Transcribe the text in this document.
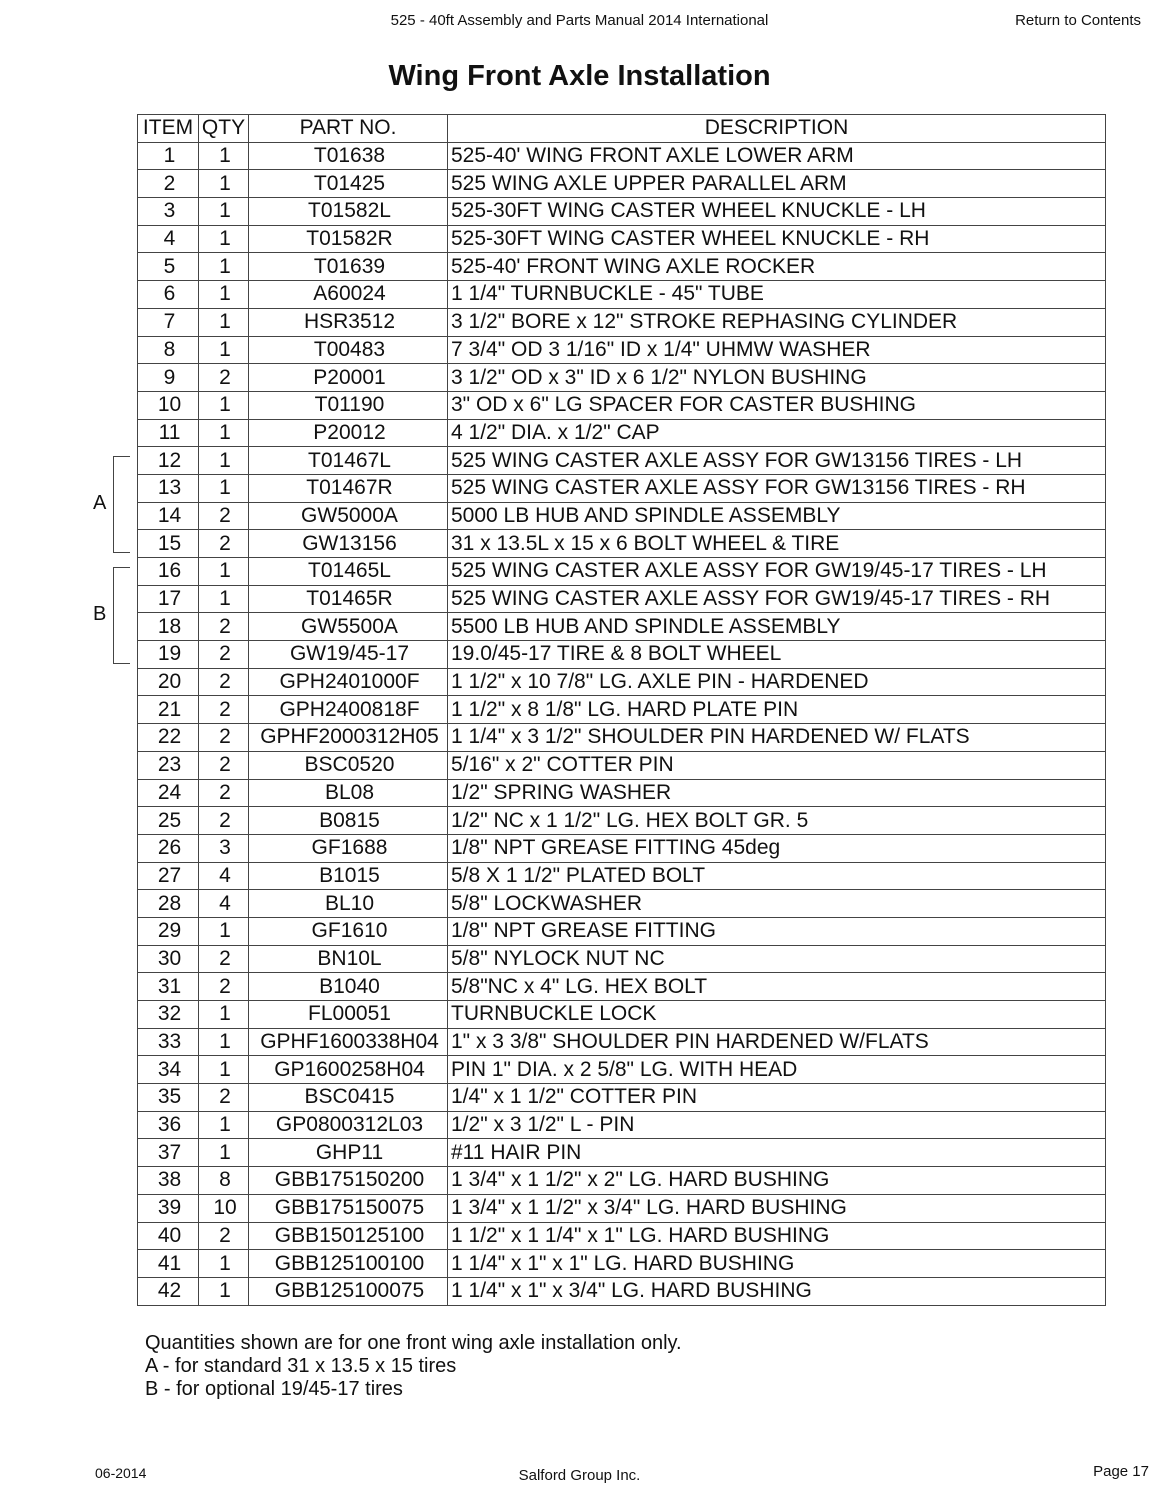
525 - 40ft Assembly and Parts Manual 2014 International	Return to Contents
Wing Front Axle Installation
ITEM	QTY	PART NO.	DESCRIPTION
1	1	T01638	525-40' WING FRONT AXLE LOWER ARM
2	1	T01425	525 WING AXLE UPPER PARALLEL ARM
3	1	T01582L	525-30FT WING CASTER WHEEL KNUCKLE - LH
4	1	T01582R	525-30FT WING CASTER WHEEL KNUCKLE - RH
5	1	T01639	525-40' FRONT WING AXLE ROCKER
6	1	A60024	1 1/4" TURNBUCKLE - 45" TUBE
7	1	HSR3512	3 1/2" BORE x 12" STROKE REPHASING CYLINDER
8	1	T00483	7 3/4" OD 3 1/16" ID x 1/4" UHMW WASHER
9	2	P20001	3 1/2" OD x 3" ID x 6 1/2" NYLON BUSHING
10	1	T01190	3" OD x 6" LG SPACER FOR CASTER BUSHING
11	1	P20012	4 1/2" DIA. x 1/2" CAP
12	1	T01467L	525 WING CASTER AXLE ASSY FOR GW13156 TIRES - LH
13	1	T01467R	525 WING CASTER AXLE ASSY FOR GW13156 TIRES - RH
14	2	GW5000A	5000 LB HUB AND SPINDLE ASSEMBLY
15	2	GW13156	31 x 13.5L x 15 x 6 BOLT WHEEL & TIRE
16	1	T01465L	525 WING CASTER AXLE ASSY FOR GW19/45-17 TIRES - LH
17	1	T01465R	525 WING CASTER AXLE ASSY FOR GW19/45-17 TIRES - RH
18	2	GW5500A	5500 LB HUB AND SPINDLE ASSEMBLY
19	2	GW19/45-17	19.0/45-17 TIRE & 8 BOLT WHEEL
20	2	GPH2401000F	1 1/2" x 10 7/8" LG. AXLE PIN - HARDENED
21	2	GPH2400818F	1 1/2" x 8 1/8" LG. HARD PLATE PIN
22	2	GPHF2000312H05	1 1/4" x 3 1/2" SHOULDER PIN HARDENED W/ FLATS
23	2	BSC0520	5/16" x 2" COTTER PIN
24	2	BL08	1/2" SPRING WASHER
25	2	B0815	1/2" NC x 1 1/2" LG. HEX BOLT GR. 5
26	3	GF1688	1/8" NPT GREASE FITTING 45deg
27	4	B1015	5/8 X 1 1/2" PLATED BOLT
28	4	BL10	5/8" LOCKWASHER
29	1	GF1610	1/8" NPT GREASE FITTING
30	2	BN10L	5/8" NYLOCK NUT NC
31	2	B1040	5/8"NC x 4" LG. HEX BOLT
32	1	FL00051	TURNBUCKLE LOCK
33	1	GPHF1600338H04	1" x 3 3/8" SHOULDER PIN HARDENED W/FLATS
34	1	GP1600258H04	PIN 1" DIA. x 2 5/8" LG. WITH HEAD
35	2	BSC0415	1/4" x 1 1/2" COTTER PIN
36	1	GP0800312L03	1/2" x 3 1/2" L - PIN
37	1	GHP11	#11 HAIR PIN
38	8	GBB175150200	1 3/4" x 1 1/2" x 2" LG. HARD BUSHING
39	10	GBB175150075	1 3/4" x 1 1/2" x 3/4" LG. HARD BUSHING
40	2	GBB150125100	1 1/2" x 1 1/4" x 1" LG. HARD BUSHING
41	1	GBB125100100	1 1/4" x 1" x 1" LG. HARD BUSHING
42	1	GBB125100075	1 1/4" x 1" x 3/4" LG. HARD BUSHING
A
B
Quantities shown are for one front wing axle installation only.
A - for standard 31 x 13.5 x 15 tires
B - for optional 19/45-17 tires
06-2014	Salford Group Inc.	Page 17
